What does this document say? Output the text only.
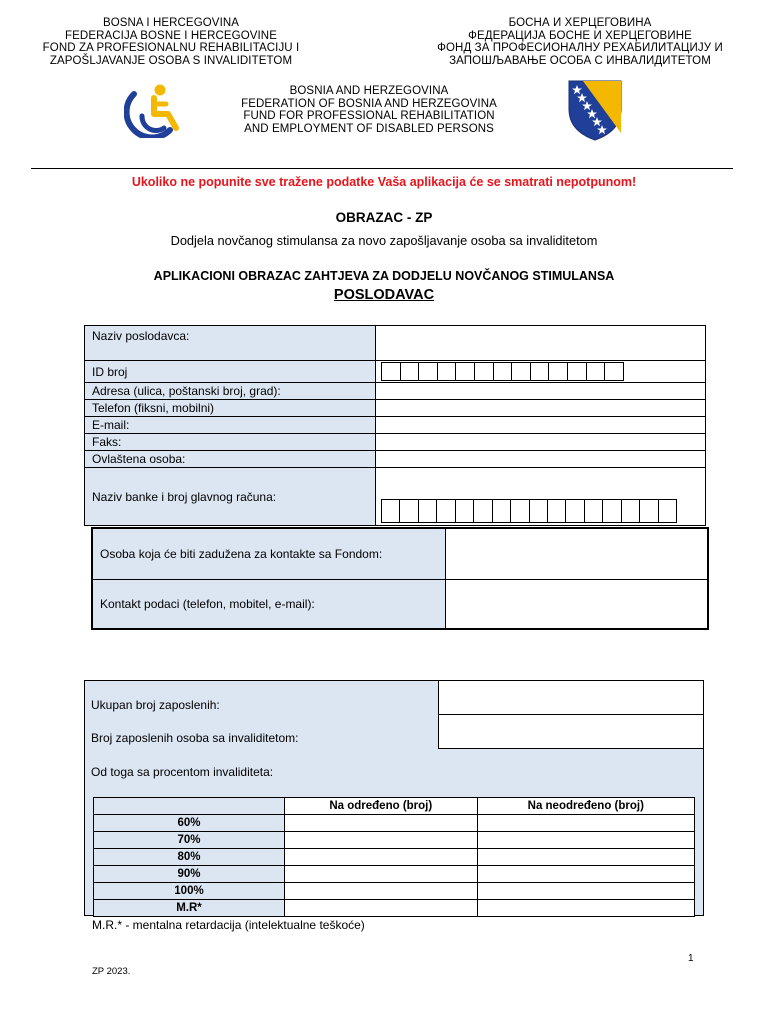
BOSNA I HERCEGOVINA
FEDERACIJA BOSNE I HERCEGOVINE
FOND ZA PROFESIONALNU REHABILITACIJU I
ZAPOŠLJAVANJE OSOBA S INVALIDITETOM
БОСНА И ХЕРЦЕГОВИНА
ФЕДЕРАЦИЈА БОСНЕ И ХЕРЦЕГОВИНЕ
ФОНД ЗА ПРОФЕСИОНАЛНУ РЕХАБИЛИТАЦИЈУ И
ЗАПОШЉАВАЊЕ ОСОБА С ИНВАЛИДИТЕТОМ
BOSNIA AND HERZEGOVINA
FEDERATION OF BOSNIA AND HERZEGOVINA
FUND FOR PROFESSIONAL REHABILITATION
AND EMPLOYMENT OF DISABLED PERSONS
Ukoliko ne popunite sve tražene podatke Vaša aplikacija će se smatrati nepotpunom!
OBRAZAC - ZP
Dodjela novčanog stimulansa za novo zapošljavanje osoba sa invaliditetom
APLIKACIONI OBRAZAC ZAHTJEVA ZA DODJELU NOVČANOG STIMULANSA
POSLODAVAC
Naziv poslodavca:
ID broj
Adresa (ulica, poštanski broj, grad):
Telefon (fiksni, mobilni)
E-mail:
Faks:
Ovlaštena osoba:
Naziv banke i broj glavnog računa:
Osoba koja će biti zadužena za kontakte sa Fondom:
Kontakt podaci (telefon, mobitel, e-mail):
Ukupan broj zaposlenih:
Broj zaposlenih osoba sa invaliditetom:
Od toga sa procentom invaliditeta:
	Na određeno (broj)	Na neodređeno (broj)
60%		
70%		
80%		
90%		
100%		
M.R*		
M.R.* - mentalna retardacija (intelektualne teškoće)
1
ZP 2023.
